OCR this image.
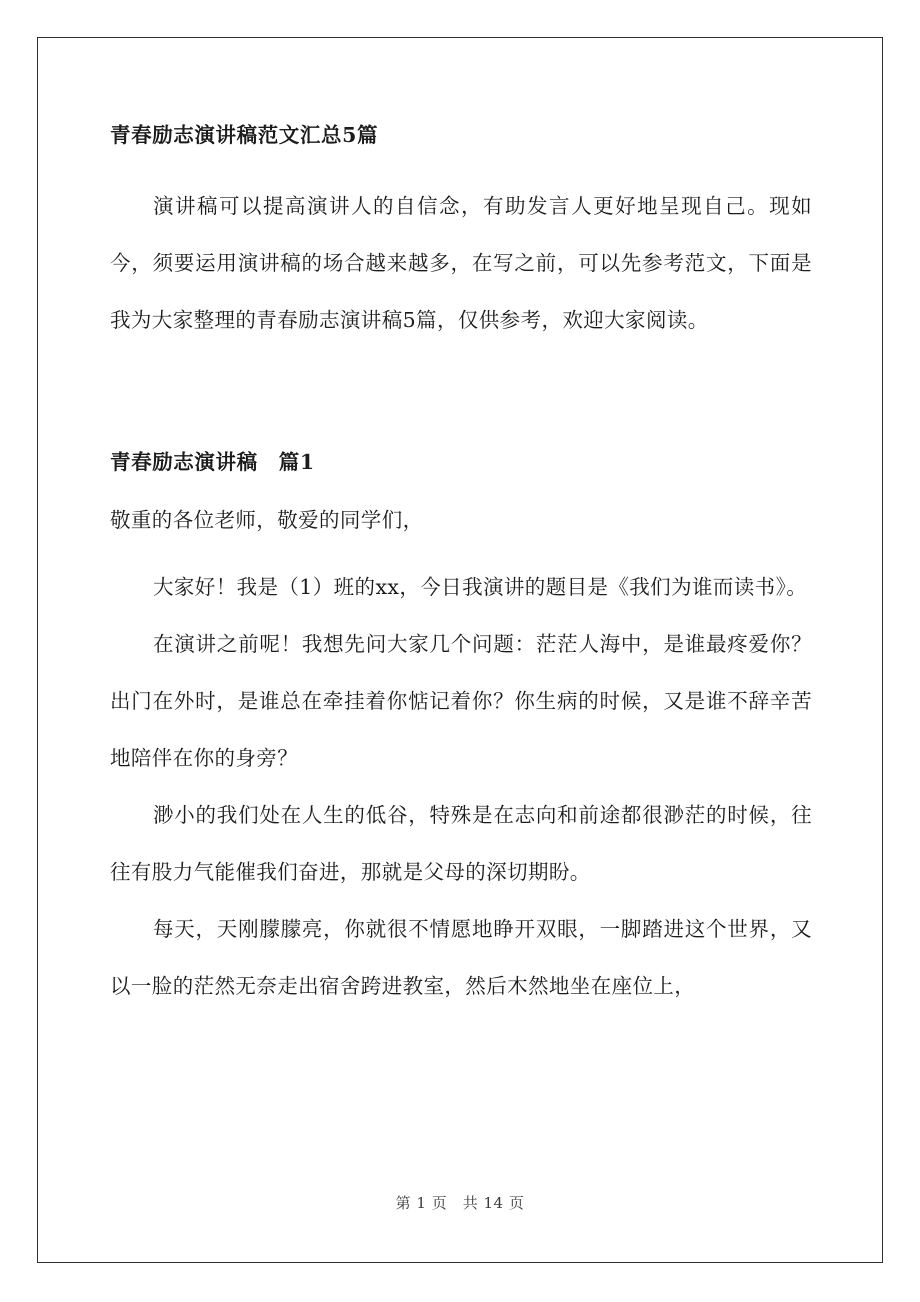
青春励志演讲稿范文汇总5篇

演讲稿可以提高演讲人的自信念，有助发言人更好地呈现自己。现如今，须要运用演讲稿的场合越来越多，在写之前，可以先参考范文，下面是我为大家整理的青春励志演讲稿5篇，仅供参考，欢迎大家阅读。

青春励志演讲稿　篇1

敬重的各位老师，敬爱的同学们，

大家好！我是（1）班的xx，今日我演讲的题目是《我们为谁而读书》。

在演讲之前呢！我想先问大家几个问题：茫茫人海中，是谁最疼爱你？出门在外时，是谁总在牵挂着你惦记着你？你生病的时候，又是谁不辞辛苦地陪伴在你的身旁？

渺小的我们处在人生的低谷，特殊是在志向和前途都很渺茫的时候，往往有股力气能催我们奋进，那就是父母的深切期盼。

每天，天刚朦朦亮，你就很不情愿地睁开双眼，一脚踏进这个世界，又以一脸的茫然无奈走出宿舍跨进教室，然后木然地坐在座位上，

第 1 页　共 14 页
